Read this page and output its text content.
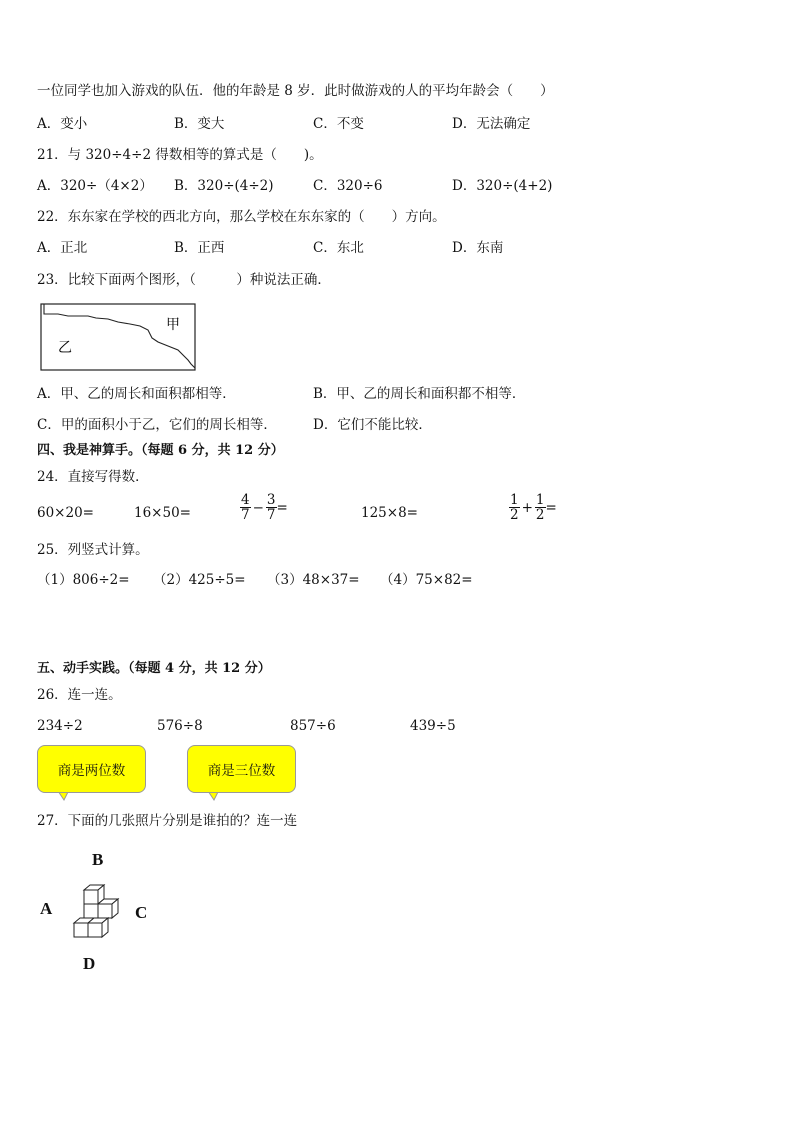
一位同学也加入游戏的队伍．他的年龄是 8 岁．此时做游戏的人的平均年龄会（　　）
A．变小	B．变大	C．不变	D．无法确定
21．与 320÷4÷2 得数相等的算式是（　　)。
A．320÷（4×2） B．320÷(4÷2)	C．320÷6	D．320÷(4+2)
22．东东家在学校的西北方向，那么学校在东东家的（　　）方向。
A．正北	B．正西	C．东北	D．东南
23．比较下面两个图形，（　　　）种说法正确．
甲
乙
A．甲、乙的周长和面积都相等．	B．甲、乙的周长和面积都不相等．
C．甲的面积小于乙，它们的周长相等．	D．它们不能比较．
四、我是神算手。（每题 6 分，共 12 分）
24．直接写得数．
60×20=	16×50=
4
$7 - \frac{3}{7}$ =	125×8=
1
$2 + \frac{1}{2}$ =
25．列竖式计算。
（1）806÷2= （2）425÷5= （3）48×37= （4）75×82=
五、动手实践。（每题 4 分，共 12 分）
26．连一连。
234÷2	576÷8	857÷6	439÷5
商是两位数	商是三位数
27．下面的几张照片分别是谁拍的？连一连
B
A	C
D
